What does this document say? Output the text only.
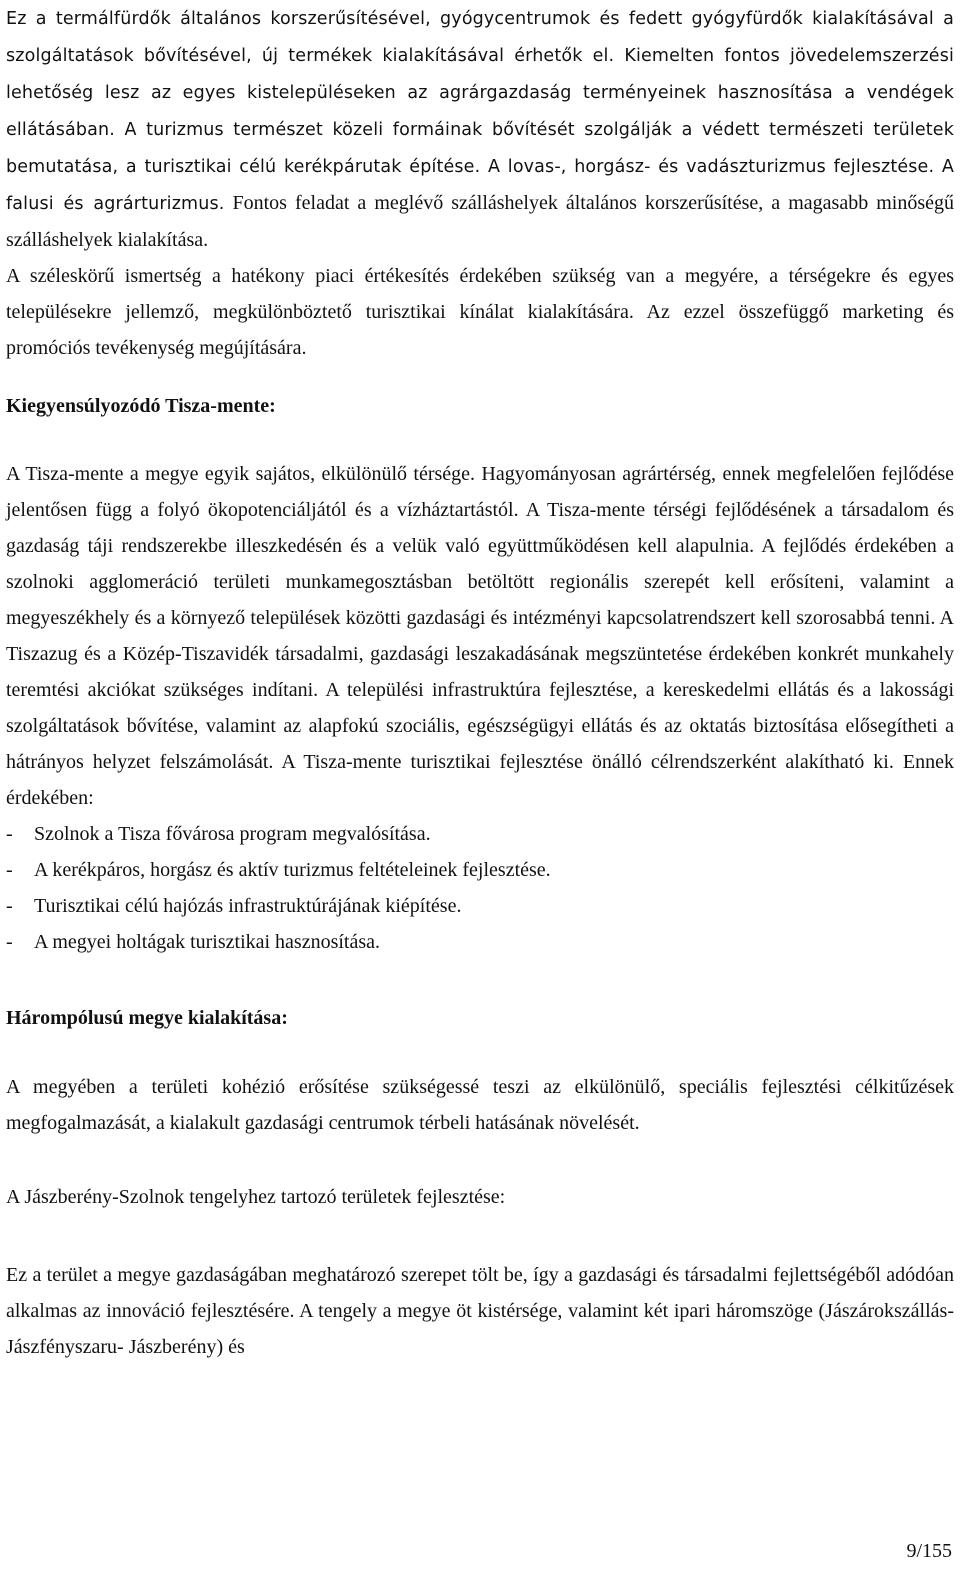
Ez a termálfürdők általános korszerűsítésével, gyógycentrumok és fedett gyógyfürdők kialakításával a szolgáltatások bővítésével, új termékek kialakításával érhetők el. Kiemelten fontos jövedelemszerzési lehetőség lesz az egyes kistelepüléseken az agrárgazdaság terményeinek hasznosítása a vendégek ellátásában. A turizmus természet közeli formáinak bővítését szolgálják a védett természeti területek bemutatása, a turisztikai célú kerékpárutak építése. A lovas-, horgász- és vadászturizmus fejlesztése. A falusi és agrárturizmus. Fontos feladat a meglévő szálláshelyek általános korszerűsítése, a magasabb minőségű szálláshelyek kialakítása.

A széleskörű ismertség a hatékony piaci értékesítés érdekében szükség van a megyére, a térségekre és egyes településekre jellemző, megkülönböztető turisztikai kínálat kialakítására. Az ezzel összefüggő marketing és promóciós tevékenység megújítására.

Kiegyensúlyozódó Tisza-mente:

A Tisza-mente a megye egyik sajátos, elkülönülő térsége. Hagyományosan agrártérség, ennek megfelelően fejlődése jelentősen függ a folyó ökopotenciáljától és a vízháztartástól. A Tisza-mente térségi fejlődésének a társadalom és gazdaság táji rendszerekbe illeszkedésén és a velük való együttműködésen kell alapulnia. A fejlődés érdekében a szolnoki agglomeráció területi munkamegosztásban betöltött regionális szerepét kell erősíteni, valamint a megyeszékhely és a környező települések közötti gazdasági és intézményi kapcsolatrendszert kell szorosabbá tenni. A Tiszazug és a Közép-Tiszavidék társadalmi, gazdasági leszakadásának megszüntetése érdekében konkrét munkahely teremtési akciókat szükséges indítani. A települési infrastruktúra fejlesztése, a kereskedelmi ellátás és a lakossági szolgáltatások bővítése, valamint az alapfokú szociális, egészségügyi ellátás és az oktatás biztosítása elősegítheti a hátrányos helyzet felszámolását. A Tisza-mente turisztikai fejlesztése önálló célrendszerként alakítható ki. Ennek érdekében:

-	Szolnok a Tisza fővárosa program megvalósítása.
-	A kerékpáros, horgász és aktív turizmus feltételeinek fejlesztése.
-	Turisztikai célú hajózás infrastruktúrájának kiépítése.
-	A megyei holtágak turisztikai hasznosítása.
Hárompólusú megye kialakítása:

A megyében a területi kohézió erősítése szükségessé teszi az elkülönülő, speciális fejlesztési célkitűzések megfogalmazását, a kialakult gazdasági centrumok térbeli hatásának növelését.

A Jászberény-Szolnok tengelyhez tartozó területek fejlesztése:

Ez a terület a megye gazdaságában meghatározó szerepet tölt be, így a gazdasági és társadalmi fejlettségéből adódóan alkalmas az innováció fejlesztésére. A tengely a megye öt kistérsége, valamint két ipari háromszöge (Jászárokszállás- Jászfényszaru- Jászberény) és

9/155
